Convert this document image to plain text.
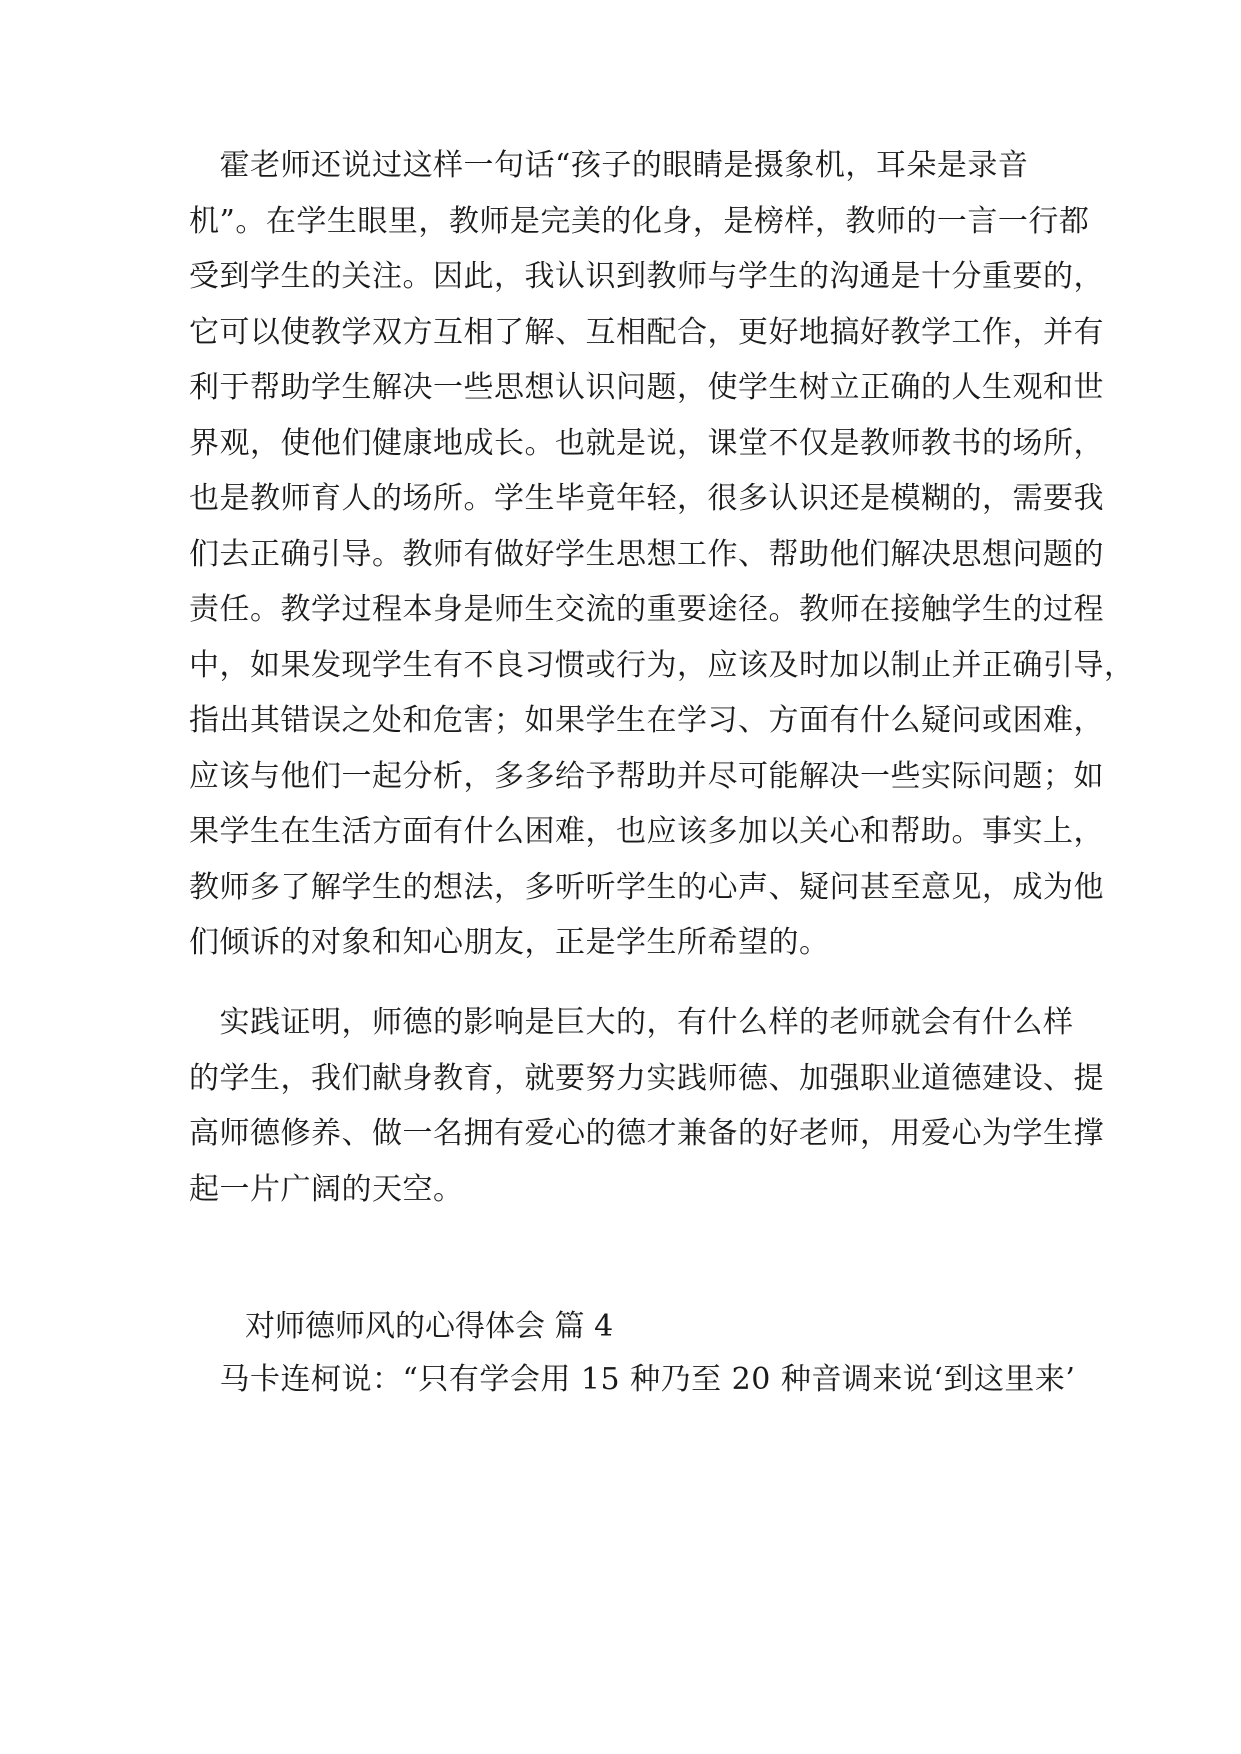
　霍老师还说过这样一句话“孩子的眼睛是摄象机，耳朵是录音
机”。在学生眼里，教师是完美的化身，是榜样，教师的一言一行都
受到学生的关注。因此，我认识到教师与学生的沟通是十分重要的，
它可以使教学双方互相了解、互相配合，更好地搞好教学工作，并有
利于帮助学生解决一些思想认识问题，使学生树立正确的人生观和世
界观，使他们健康地成长。也就是说，课堂不仅是教师教书的场所，
也是教师育人的场所。学生毕竟年轻，很多认识还是模糊的，需要我
们去正确引导。教师有做好学生思想工作、帮助他们解决思想问题的
责任。教学过程本身是师生交流的重要途径。教师在接触学生的过程
中，如果发现学生有不良习惯或行为，应该及时加以制止并正确引导，
指出其错误之处和危害；如果学生在学习、方面有什么疑问或困难，
应该与他们一起分析，多多给予帮助并尽可能解决一些实际问题；如
果学生在生活方面有什么困难，也应该多加以关心和帮助。事实上，
教师多了解学生的想法，多听听学生的心声、疑问甚至意见，成为他
们倾诉的对象和知心朋友，正是学生所希望的。
　实践证明，师德的影响是巨大的，有什么样的老师就会有什么样
的学生，我们献身教育，就要努力实践师德、加强职业道德建设、提
高师德修养、做一名拥有爱心的德才兼备的好老师，用爱心为学生撑
起一片广阔的天空。
对师德师风的心得体会 篇 4
　马卡连柯说：“只有学会用 15 种乃至 20 种音调来说‘到这里来’
